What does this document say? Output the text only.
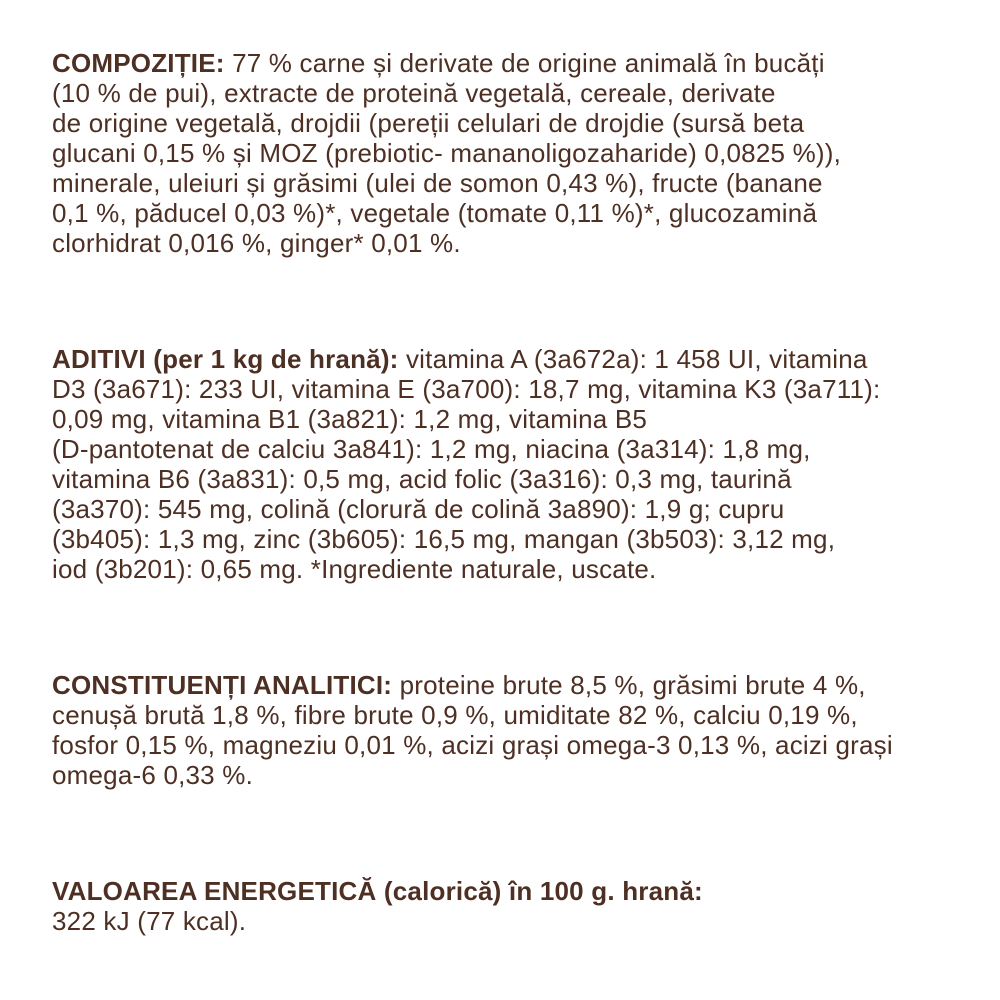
COMPOZIȚIE: 77 % carne și derivate de origine animală în bucăți
(10 % de pui), extracte de proteină vegetală, cereale, derivate
de origine vegetală, drojdii (pereții celulari de drojdie (sursă beta
glucani 0,15 % și MOZ (prebiotic- mananoligozaharide) 0,0825 %)),
minerale, uleiuri și grăsimi (ulei de somon 0,43 %), fructe (banane
0,1 %, păducel 0,03 %)*, vegetale (tomate 0,11 %)*, glucozamină
clorhidrat 0,016 %, ginger* 0,01 %.
ADITIVI (per 1 kg de hrană): vitamina A (3a672a): 1 458 UI, vitamina
D3 (3a671): 233 UI, vitamina E (3a700): 18,7 mg, vitamina K3 (3a711):
0,09 mg, vitamina B1 (3a821): 1,2 mg, vitamina B5
(D-pantotenat de calciu 3a841): 1,2 mg, niacina (3a314): 1,8 mg,
vitamina B6 (3a831): 0,5 mg, acid folic (3a316): 0,3 mg, taurină
(3a370): 545 mg, colină (clorură de colină 3a890): 1,9 g; cupru
(3b405): 1,3 mg, zinc (3b605): 16,5 mg, mangan (3b503): 3,12 mg,
iod (3b201): 0,65 mg. *Ingrediente naturale, uscate.
CONSTITUENȚI ANALITICI: proteine brute 8,5 %, grăsimi brute 4 %,
cenușă brută 1,8 %, fibre brute 0,9 %, umiditate 82 %, calciu 0,19 %,
fosfor 0,15 %, magneziu 0,01 %, acizi grași omega-3 0,13 %, acizi grași
omega-6 0,33 %.
VALOAREA ENERGETICĂ (calorică) în 100 g. hrană:
322 kJ (77 kcal).
